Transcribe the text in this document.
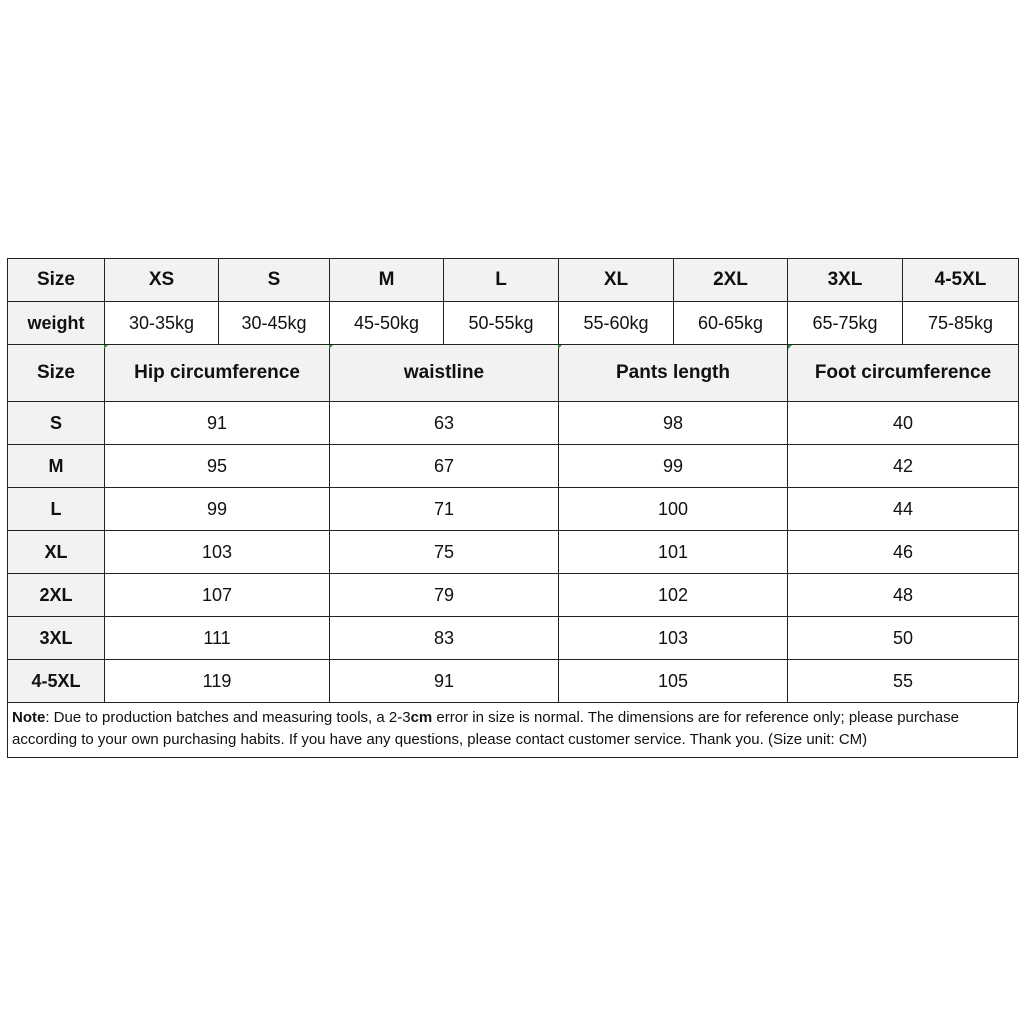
Size	XS	S	M	L	XL	2XL	3XL	4-5XL
weight	30-35kg	30-45kg	45-50kg	50-55kg	55-60kg	60-65kg	65-75kg	75-85kg
Size	Hip circumference		waistline		Pants length		Foot circumference	
S	91		63		98		40	
M	95		67		99		42	
L	99		71		100		44	
XL	103		75		101		46	
2XL	107		79		102		48	
3XL	111		83		103		50	
4-5XL	119		91		105		55	
Note: Due to production batches and measuring tools, a 2-3cm error in size is normal. The dimensions are for reference only; please purchase according to your own purchasing habits. If you have any questions, please contact customer service. Thank you. (Size unit: CM)
